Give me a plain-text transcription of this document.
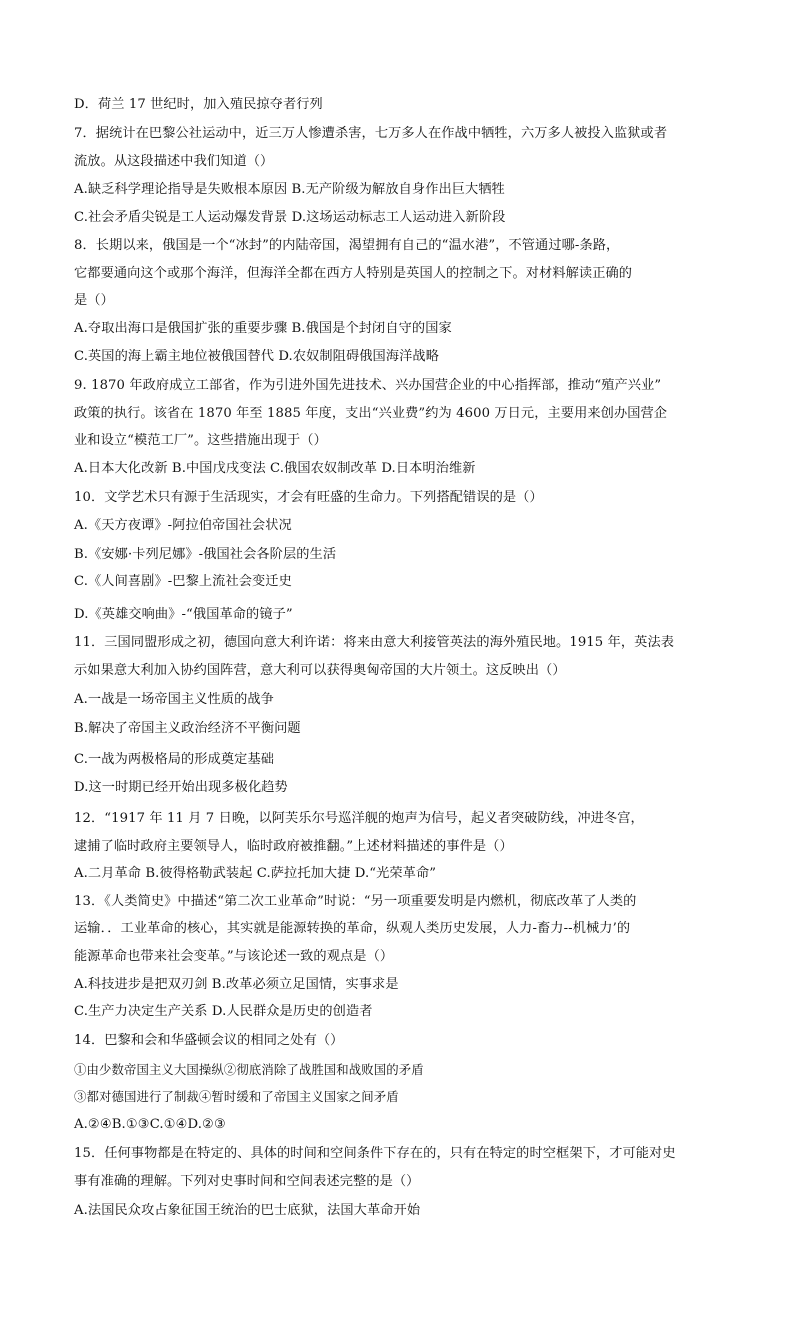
D．荷兰 17 世纪时，加入殖民掠夺者行列
7．据统计在巴黎公社运动中，近三万人惨遭杀害，七万多人在作战中牺牲，六万多人被投入监狱或者
流放。从这段描述中我们知道（）
A.缺乏科学理论指导是失败根本原因 B.无产阶级为解放自身作出巨大牺牲
C.社会矛盾尖锐是工人运动爆发背景 D.这场运动标志工人运动进入新阶段
8．长期以来，俄国是一个“冰封”的内陆帝国，渴望拥有自己的“温水港”，不管通过哪-条路，
它都要通向这个或那个海洋，但海洋全都在西方人特别是英国人的控制之下。对材料解读正确的
是（）
A.夺取出海口是俄国扩张的重要步骤 B.俄国是个封闭自守的国家
C.英国的海上霸主地位被俄国替代 D.农奴制阻碍俄国海洋战略
9. 1870 年政府成立工部省，作为引进外国先进技术、兴办国营企业的中心指挥部，推动“殖产兴业”
政策的执行。该省在 1870 年至 1885 年度，支出“兴业费”约为 4600 万日元，主要用来创办国营企
业和设立“模范工厂”。这些措施出现于（）
A.日本大化改新 B.中国戊戌变法 C.俄国农奴制改革 D.日本明治维新
10．文学艺术只有源于生活现实，才会有旺盛的生命力。下列搭配错误的是（）
A.《天方夜谭》-阿拉伯帝国社会状况
B.《安娜·卡列尼娜》-俄国社会各阶层的生活
C.《人间喜剧》-巴黎上流社会变迁史
D.《英雄交响曲》-“俄国革命的镜子”
11．三国同盟形成之初，德国向意大利许诺：将来由意大利接管英法的海外殖民地。1915 年，英法表
示如果意大利加入协约国阵营，意大利可以获得奥匈帝国的大片领土。这反映出（）
A.一战是一场帝国主义性质的战争
B.解决了帝国主义政治经济不平衡问题
C.一战为两极格局的形成奠定基础
D.这一时期已经开始出现多极化趋势
12．“1917 年 11 月 7 日晚，以阿芙乐尔号巡洋舰的炮声为信号，起义者突破防线，冲进冬宫，
逮捕了临时政府主要领导人，临时政府被推翻。”上述材料描述的事件是（）
A.二月革命 B.彼得格勒武装起 C.萨拉托加大捷 D.“光荣革命”
13．《人类简史》中描述“第二次工业革命”时说：“另一项重要发明是内燃机，彻底改革了人类的
运输．．工业革命的核心，其实就是能源转换的革命，纵观人类历史发展，人力-畜力--机械力’的
能源革命也带来社会变革。”与该论述一致的观点是（）
A.科技进步是把双刃剑 B.改革必须立足国情，实事求是
C.生产力决定生产关系 D.人民群众是历史的创造者
14．巴黎和会和华盛顿会议的相同之处有（）
①由少数帝国主义大国操纵②彻底消除了战胜国和战败国的矛盾
③都对德国进行了制裁④暂时缓和了帝国主义国家之间矛盾
A.②④B.①③C.①④D.②③
15．任何事物都是在特定的、具体的时间和空间条件下存在的，只有在特定的时空框架下，才可能对史
事有准确的理解。下列对史事时间和空间表述完整的是（）
A.法国民众攻占象征国王统治的巴士底狱，法国大革命开始
